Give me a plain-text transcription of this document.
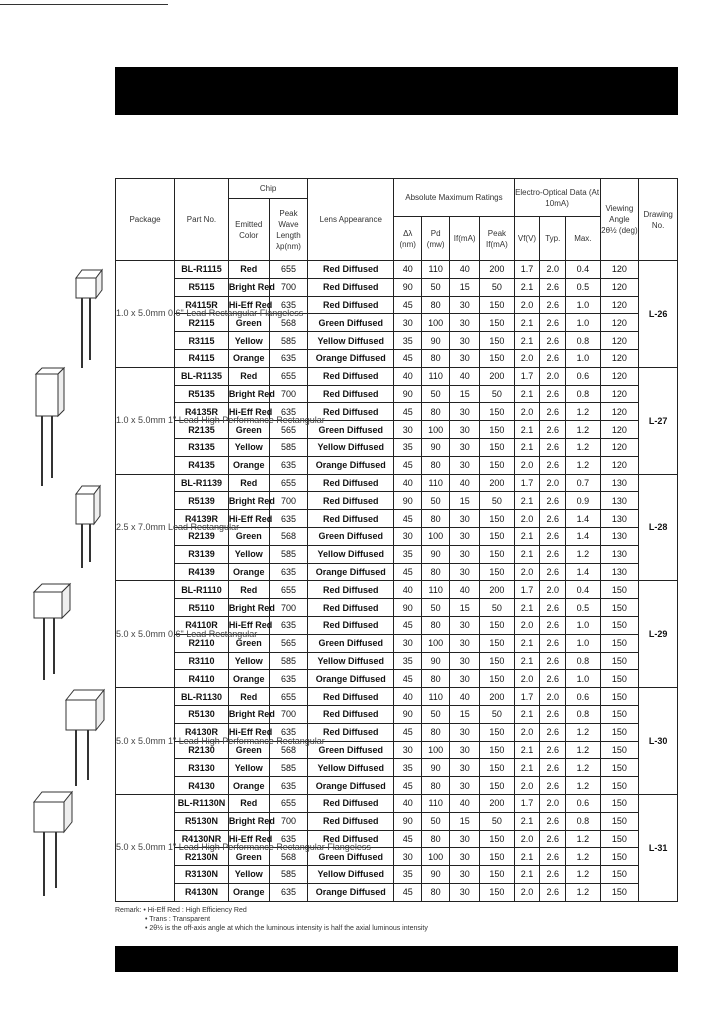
Package	Part No.	Chip		Lens Appearance	Absolute Maximum Ratings				Electro-Optical Data (At 10mA)			Viewing Angle 2θ½ (deg)	Drawing No.
		Emitted Color	Peak Wave Length λp(nm)										
					Δλ (nm)	Pd (mw)	If(mA)	Peak If(mA)	Vf(V)	Typ.	Max.		
1.0 x 5.0mm 0.6" Lead Rectangular Flangeless	BL-R1115	Red	655	Red Diffused	40	110	40	200	1.7	2.0	0.4	120	L-26
	R5115	Bright Red	700	Red Diffused	90	50	15	50	2.1	2.6	0.5	120	
	R4115R	Hi-Eff Red	635	Red Diffused	45	80	30	150	2.0	2.6	1.0	120	
	R2115	Green	568	Green Diffused	30	100	30	150	2.1	2.6	1.0	120	
	R3115	Yellow	585	Yellow Diffused	35	90	30	150	2.1	2.6	0.8	120	
	R4115	Orange	635	Orange Diffused	45	80	30	150	2.0	2.6	1.0	120	
1.0 x 5.0mm 1" Lead High Performance Rectangular	BL-R1135	Red	655	Red Diffused	40	110	40	200	1.7	2.0	0.6	120	L-27
	R5135	Bright Red	700	Red Diffused	90	50	15	50	2.1	2.6	0.8	120	
	R4135R	Hi-Eff Red	635	Red Diffused	45	80	30	150	2.0	2.6	1.2	120	
	R2135	Green	565	Green Diffused	30	100	30	150	2.1	2.6	1.2	120	
	R3135	Yellow	585	Yellow Diffused	35	90	30	150	2.1	2.6	1.2	120	
	R4135	Orange	635	Orange Diffused	45	80	30	150	2.0	2.6	1.2	120	
2.5 x 7.0mm Lead Rectangular	BL-R1139	Red	655	Red Diffused	40	110	40	200	1.7	2.0	0.7	130	L-28
	R5139	Bright Red	700	Red Diffused	90	50	15	50	2.1	2.6	0.9	130	
	R4139R	Hi-Eff Red	635	Red Diffused	45	80	30	150	2.0	2.6	1.4	130	
	R2139	Green	568	Green Diffused	30	100	30	150	2.1	2.6	1.4	130	
	R3139	Yellow	585	Yellow Diffused	35	90	30	150	2.1	2.6	1.2	130	
	R4139	Orange	635	Orange Diffused	45	80	30	150	2.0	2.6	1.4	130	
5.0 x 5.0mm 0.6" Lead Rectangular	BL-R1110	Red	655	Red Diffused	40	110	40	200	1.7	2.0	0.4	150	L-29
	R5110	Bright Red	700	Red Diffused	90	50	15	50	2.1	2.6	0.5	150	
	R4110R	Hi-Eff Red	635	Red Diffused	45	80	30	150	2.0	2.6	1.0	150	
	R2110	Green	565	Green Diffused	30	100	30	150	2.1	2.6	1.0	150	
	R3110	Yellow	585	Yellow Diffused	35	90	30	150	2.1	2.6	0.8	150	
	R4110	Orange	635	Orange Diffused	45	80	30	150	2.0	2.6	1.0	150	
5.0 x 5.0mm 1" Lead High Performance Rectangular	BL-R1130	Red	655	Red Diffused	40	110	40	200	1.7	2.0	0.6	150	L-30
	R5130	Bright Red	700	Red Diffused	90	50	15	50	2.1	2.6	0.8	150	
	R4130R	Hi-Eff Red	635	Red Diffused	45	80	30	150	2.0	2.6	1.2	150	
	R2130	Green	568	Green Diffused	30	100	30	150	2.1	2.6	1.2	150	
	R3130	Yellow	585	Yellow Diffused	35	90	30	150	2.1	2.6	1.2	150	
	R4130	Orange	635	Orange Diffused	45	80	30	150	2.0	2.6	1.2	150	
5.0 x 5.0mm 1" Lead High Performance Rectangular Flangeless	BL-R1130N	Red	655	Red Diffused	40	110	40	200	1.7	2.0	0.6	150	L-31
	R5130N	Bright Red	700	Red Diffused	90	50	15	50	2.1	2.6	0.8	150	
	R4130NR	Hi-Eff Red	635	Red Diffused	45	80	30	150	2.0	2.6	1.2	150	
	R2130N	Green	568	Green Diffused	30	100	30	150	2.1	2.6	1.2	150	
	R3130N	Yellow	585	Yellow Diffused	35	90	30	150	2.1	2.6	1.2	150	
	R4130N	Orange	635	Orange Diffused	45	80	30	150	2.0	2.6	1.2	150	
Remark: • Hi-Eff Red : High Efficiency Red
• Trans : Transparent
• 2θ½ is the off-axis angle at which the luminous intensity is half the axial luminous intensity
